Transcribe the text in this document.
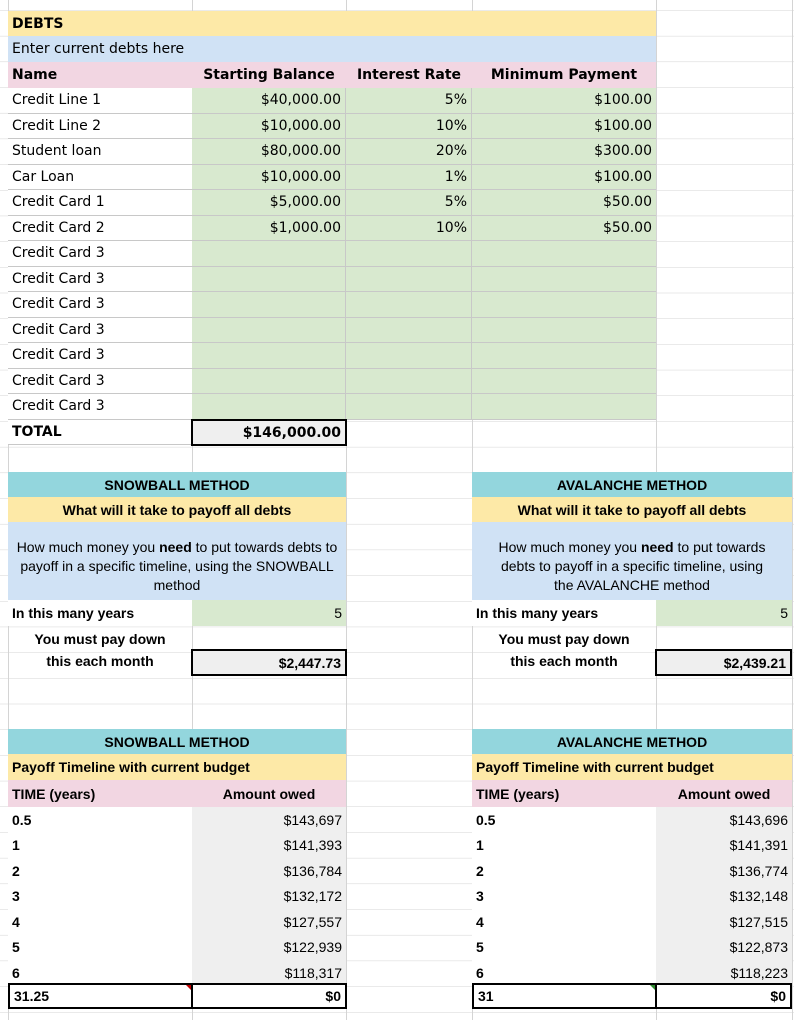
DEBTS
Enter current debts here
Name	Starting Balance	Interest Rate	Minimum Payment
Credit Line 1	$40,000.00	5%	$100.00
Credit Line 2	$10,000.00	10%	$100.00
Student loan	$80,000.00	20%	$300.00
Car Loan	$10,000.00	1%	$100.00
Credit Card 1	$5,000.00	5%	$50.00
Credit Card 2	$1,000.00	10%	$50.00
Credit Card 3
Credit Card 3
Credit Card 3
Credit Card 3
Credit Card 3
Credit Card 3
Credit Card 3
TOTAL	$146,000.00
SNOWBALL METHOD
What will it take to payoff all debts
How much money you need to put towards debts to payoff in a specific timeline, using the SNOWBALL method
In this many years	5
You must pay down
this each month	$2,447.73
AVALANCHE METHOD
What will it take to payoff all debts
How much money you need to put towards debts to payoff in a specific timeline, using the AVALANCHE method
In this many years	5
You must pay down
this each month	$2,439.21
SNOWBALL METHOD
Payoff Timeline with current budget
TIME (years)	Amount owed
0.5	$143,697
1	$141,393
2	$136,784
3	$132,172
4	$127,557
5	$122,939
6	$118,317
31.25	$0
AVALANCHE METHOD
Payoff Timeline with current budget
TIME (years)	Amount owed
0.5	$143,696
1	$141,391
2	$136,774
3	$132,148
4	$127,515
5	$122,873
6	$118,223
31	$0
